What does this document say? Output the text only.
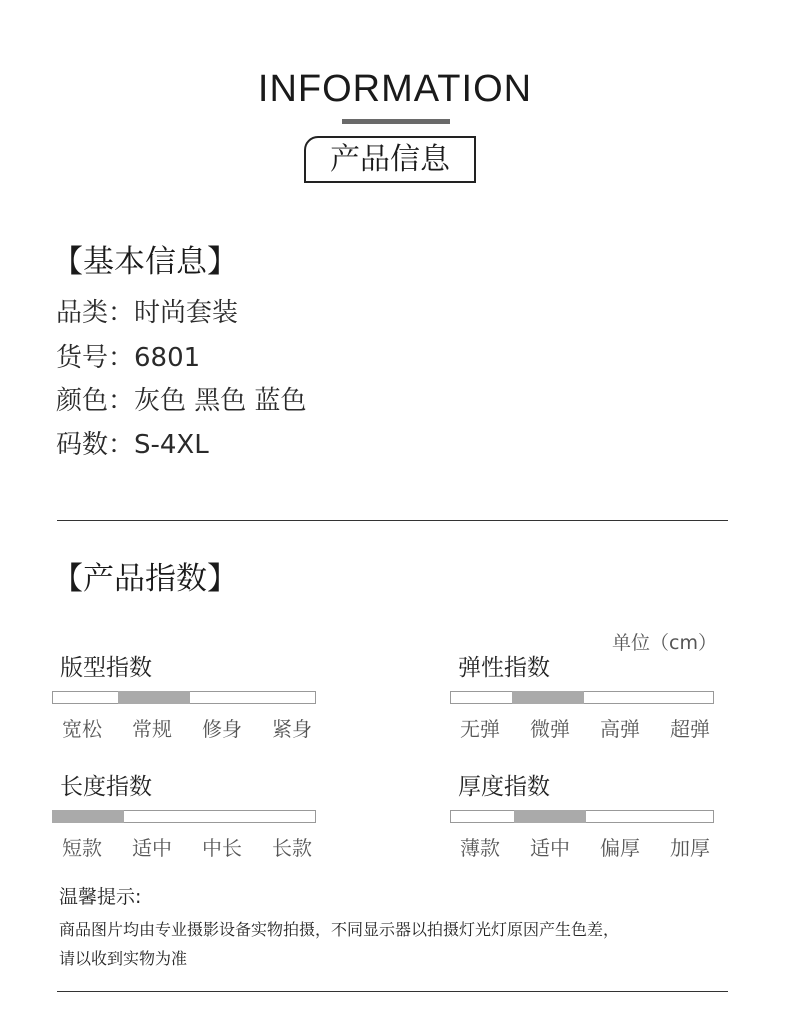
INFORMATION
产品信息
【基本信息】
品类：时尚套装
货号：6801
颜色：灰色 黑色 蓝色
码数：S-4XL
【产品指数】
单位（cm）
版型指数
宽松	常规	修身	紧身
弹性指数
无弹	微弹	高弹	超弹
长度指数
短款	适中	中长	长款
厚度指数
薄款	适中	偏厚	加厚
温馨提示:
商品图片均由专业摄影设备实物拍摄，不同显示器以拍摄灯光灯原因产生色差，
请以收到实物为准
